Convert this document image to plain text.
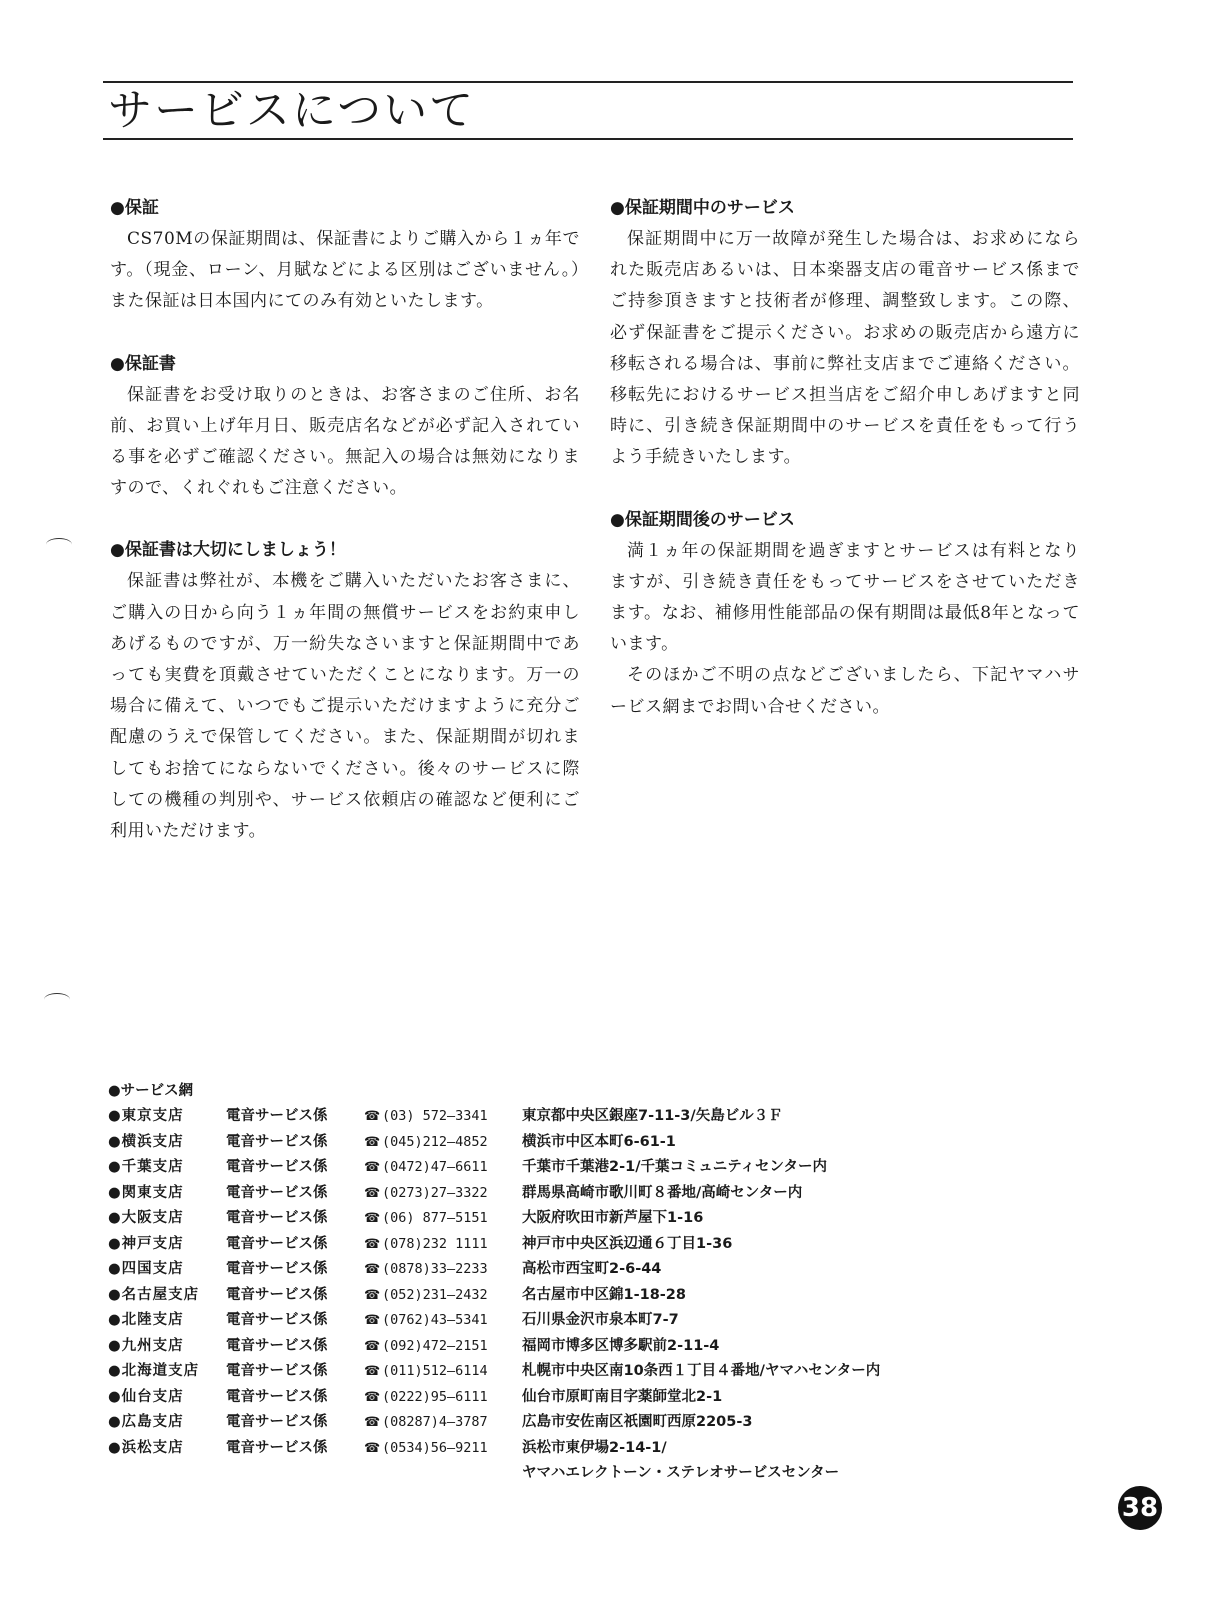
サービスについて
●保証

CS70Mの保証期間は、保証書によりご購入から１ヵ年です。（現金、ローン、月賦などによる区別はございません。）また保証は日本国内にてのみ有効といたします。

●保証書

保証書をお受け取りのときは、お客さまのご住所、お名前、お買い上げ年月日、販売店名などが必ず記入されている事を必ずご確認ください。無記入の場合は無効になりますので、くれぐれもご注意ください。

●保証書は大切にしましょう！

保証書は弊社が、本機をご購入いただいたお客さまに、ご購入の日から向う１ヵ年間の無償サービスをお約束申しあげるものですが、万一紛失なさいますと保証期間中であっても実費を頂戴させていただくことになります。万一の場合に備えて、いつでもご提示いただけますように充分ご配慮のうえで保管してください。また、保証期間が切れましてもお捨てにならないでください。後々のサービスに際しての機種の判別や、サービス依頼店の確認など便利にご利用いただけます。

●保証期間中のサービス

保証期間中に万一故障が発生した場合は、お求めになられた販売店あるいは、日本楽器支店の電音サービス係までご持参頂きますと技術者が修理、調整致します。この際、必ず保証書をご提示ください。お求めの販売店から遠方に移転される場合は、事前に弊社支店までご連絡ください。移転先におけるサービス担当店をご紹介申しあげますと同時に、引き続き保証期間中のサービスを責任をもって行うよう手続きいたします。

●保証期間後のサービス

満１ヵ年の保証期間を過ぎますとサービスは有料となりますが、引き続き責任をもってサービスをさせていただきます。なお、補修用性能部品の保有期間は最低8年となっています。

そのほかご不明の点などございましたら、下記ヤマハサービス網までお問い合せください。

●サービス網
●東京支店	電音サービス係	☎ (03) 572―3341	東京都中央区銀座7-11-3/矢島ビル３Ｆ
●横浜支店	電音サービス係	☎ (045)212―4852	横浜市中区本町6-61-1
●千葉支店	電音サービス係	☎ (0472)47―6611	千葉市千葉港2-1/千葉コミュニティセンター内
●関東支店	電音サービス係	☎ (0273)27―3322	群馬県高崎市歌川町８番地/高崎センター内
●大阪支店	電音サービス係	☎ (06) 877―5151	大阪府吹田市新芦屋下1-16
●神戸支店	電音サービス係	☎ (078)232 1111	神戸市中央区浜辺通６丁目1-36
●四国支店	電音サービス係	☎ (0878)33―2233	高松市西宝町2-6-44
●名古屋支店	電音サービス係	☎ (052)231―2432	名古屋市中区錦1-18-28
●北陸支店	電音サービス係	☎ (0762)43―5341	石川県金沢市泉本町7-7
●九州支店	電音サービス係	☎ (092)472―2151	福岡市博多区博多駅前2-11-4
●北海道支店	電音サービス係	☎ (011)512―6114	札幌市中央区南10条西１丁目４番地/ヤマハセンター内
●仙台支店	電音サービス係	☎ (0222)95―6111	仙台市原町南目字薬師堂北2-1
●広島支店	電音サービス係	☎ (08287)4―3787	広島市安佐南区祇園町西原2205-3
●浜松支店	電音サービス係	☎ (0534)56―9211	浜松市東伊場2-14-1/
ヤマハエレクトーン・ステレオサービスセンター
38
